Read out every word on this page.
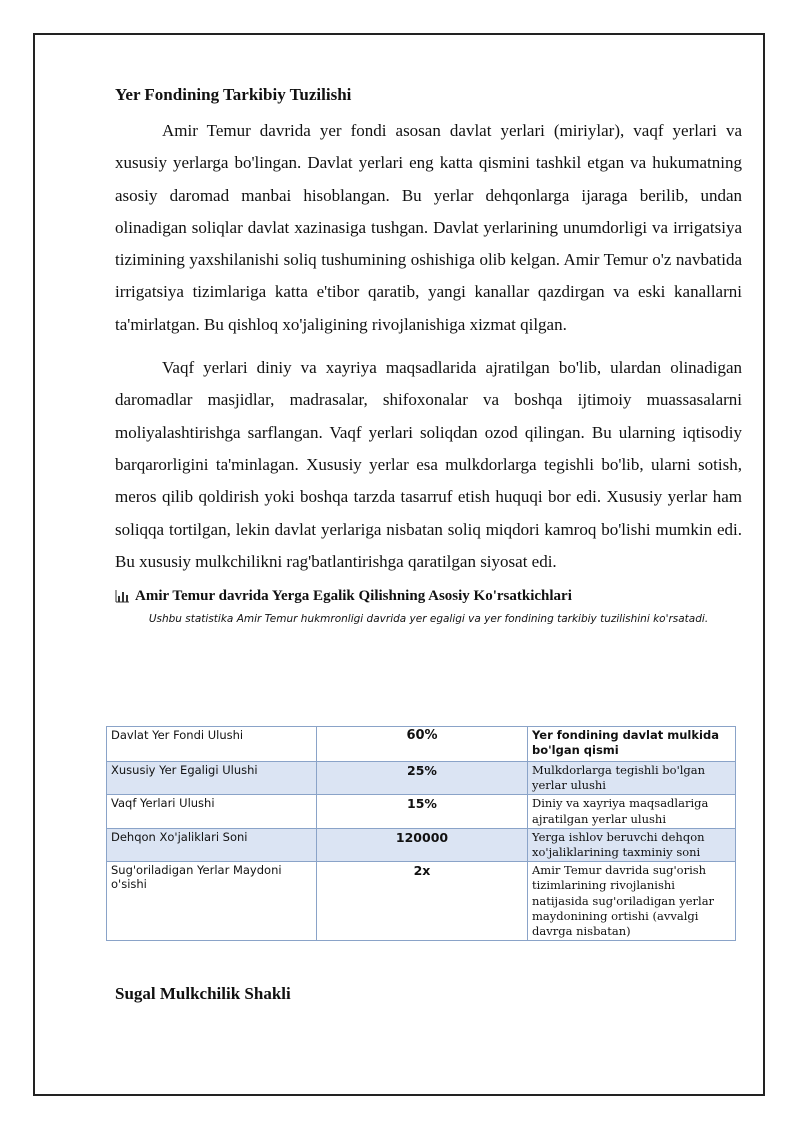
Yer Fondining Tarkibiy Tuzilishi

Amir Temur davrida yer fondi asosan davlat yerlari (miriylar), vaqf yerlari va xususiy yerlarga bo'lingan. Davlat yerlari eng katta qismini tashkil etgan va hukumatning asosiy daromad manbai hisoblangan. Bu yerlar dehqonlarga ijaraga berilib, undan olinadigan soliqlar davlat xazinasiga tushgan. Davlat yerlarining unumdorligi va irrigatsiya tizimining yaxshilanishi soliq tushumining oshishiga olib kelgan. Amir Temur o'z navbatida irrigatsiya tizimlariga katta e'tibor qaratib, yangi kanallar qazdirgan va eski kanallarni ta'mirlatgan. Bu qishloq xo'jaligining rivojlanishiga xizmat qilgan.

Vaqf yerlari diniy va xayriya maqsadlarida ajratilgan bo'lib, ulardan olinadigan daromadlar masjidlar, madrasalar, shifoxonalar va boshqa ijtimoiy muassasalarni moliyalashtirishga sarflangan. Vaqf yerlari soliqdan ozod qilingan. Bu ularning iqtisodiy barqarorligini ta'minlagan. Xususiy yerlar esa mulkdorlarga tegishli bo'lib, ularni sotish, meros qilib qoldirish yoki boshqa tarzda tasarruf etish huquqi bor edi. Xususiy yerlar ham soliqqa tortilgan, lekin davlat yerlariga nisbatan soliq miqdori kamroq bo'lishi mumkin edi. Bu xususiy mulkchilikni rag'batlantirishga qaratilgan siyosat edi.

Amir Temur davrida Yerga Egalik Qilishning Asosiy Ko'rsatkichlari
Ushbu statistika Amir Temur hukmronligi davrida yer egaligi va yer fondining tarkibiy tuzilishini ko'rsatadi.
Davlat Yer Fondi Ulushi	60%	Yer fondining davlat mulkida bo'lgan qismi
Xususiy Yer Egaligi Ulushi	25%	Mulkdorlarga tegishli bo'lgan yerlar ulushi
Vaqf Yerlari Ulushi	15%	Diniy va xayriya maqsadlariga ajratilgan yerlar ulushi
Dehqon Xo'jaliklari Soni	120000	Yerga ishlov beruvchi dehqon xo'jaliklarining taxminiy soni
Sug'oriladigan Yerlar Maydoni o'sishi	2x	Amir Temur davrida sug'orish tizimlarining rivojlanishi natijasida sug'oriladigan yerlar maydonining ortishi (avvalgi davrga nisbatan)
Sugal Mulkchilik Shakli
